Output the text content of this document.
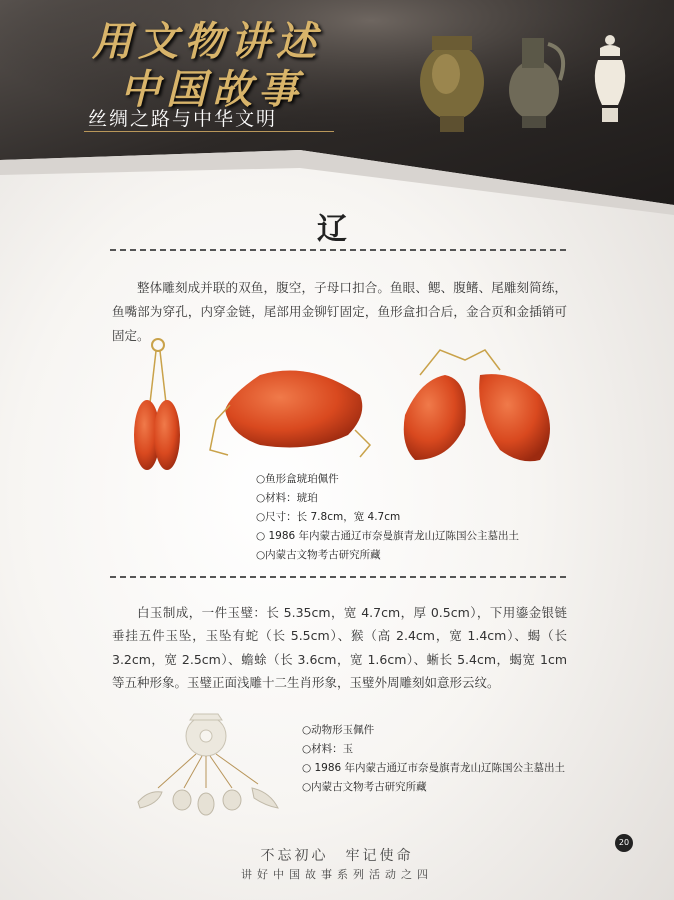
用文物讲述
中国故事
丝绸之路与中华文明
辽

整体雕刻成并联的双鱼，腹空，子母口扣合。鱼眼、鳃、腹鳍、尾雕刻简练，鱼嘴部为穿孔，内穿金链，尾部用金铆钉固定，鱼形盒扣合后，金合页和金插销可固定。

○鱼形盒琥珀佩件
○材料：琥珀
○尺寸：长 7.8cm，宽 4.7cm
○ 1986 年内蒙古通辽市奈曼旗青龙山辽陈国公主墓出土
○内蒙古文物考古研究所藏

白玉制成，一件玉璧：长 5.35cm，宽 4.7cm，厚 0.5cm），下用鎏金银链垂挂五件玉坠，玉坠有蛇（长 5.5cm）、猴（高 2.4cm，宽 1.4cm）、蝎（长 3.2cm，宽 2.5cm）、蟾蜍（长 3.6cm，宽 1.6cm）、蜥长 5.4cm，蝎宽 1cm 等五种形象。玉璧正面浅雕十二生肖形象，玉璧外周雕刻如意形云纹。

○动物形玉佩件
○材料：玉
○ 1986 年内蒙古通辽市奈曼旗青龙山辽陈国公主墓出土
○内蒙古文物考古研究所藏
20
不忘初心　牢记使命
讲好中国故事系列活动之四
